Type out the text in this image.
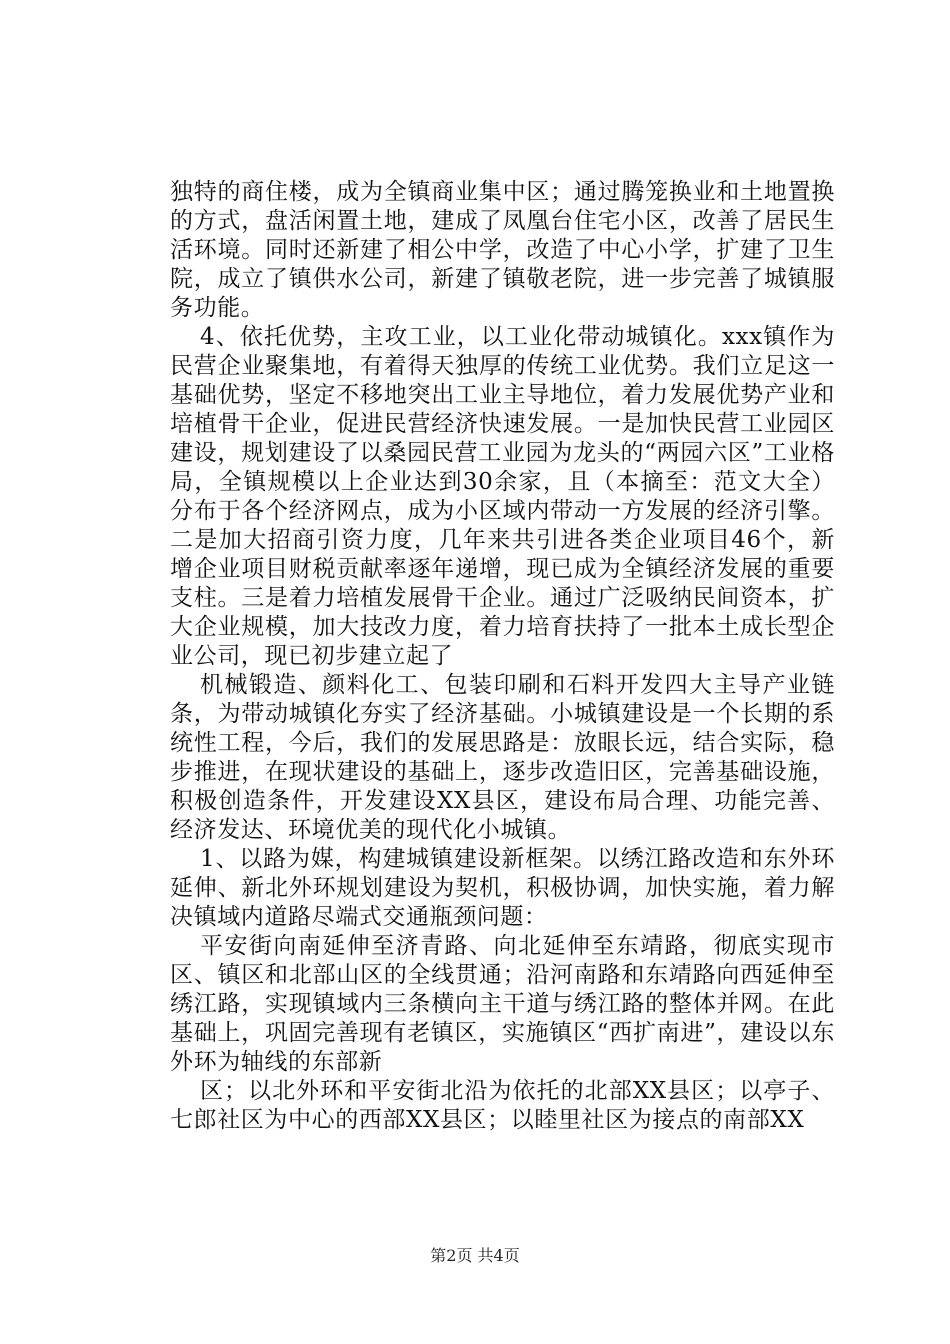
独特的商住楼，成为全镇商业集中区；通过腾笼换业和土地置换的方式，盘活闲置土地，建成了凤凰台住宅小区，改善了居民生活环境。同时还新建了相公中学，改造了中心小学，扩建了卫生院，成立了镇供水公司，新建了镇敬老院，进一步完善了城镇服务功能。

4、依托优势，主攻工业，以工业化带动城镇化。xxx镇作为民营企业聚集地，有着得天独厚的传统工业优势。我们立足这一基础优势，坚定不移地突出工业主导地位，着力发展优势产业和培植骨干企业，促进民营经济快速发展。一是加快民营工业园区建设，规划建设了以桑园民营工业园为龙头的“两园六区”工业格局，全镇规模以上企业达到30余家，且（本摘至：范文大全）分布于各个经济网点，成为小区域内带动一方发展的经济引擎。二是加大招商引资力度，几年来共引进各类企业项目46个，新增企业项目财税贡献率逐年递增，现已成为全镇经济发展的重要支柱。三是着力培植发展骨干企业。通过广泛吸纳民间资本，扩大企业规模，加大技改力度，着力培育扶持了一批本土成长型企业公司，现已初步建立起了

机械锻造、颜料化工、包装印刷和石料开发四大主导产业链条，为带动城镇化夯实了经济基础。小城镇建设是一个长期的系统性工程，今后，我们的发展思路是：放眼长远，结合实际，稳步推进，在现状建设的基础上，逐步改造旧区，完善基础设施，积极创造条件，开发建设XX县区，建设布局合理、功能完善、经济发达、环境优美的现代化小城镇。

1、以路为媒，构建城镇建设新框架。以绣江路改造和东外环延伸、新北外环规划建设为契机，积极协调，加快实施，着力解决镇域内道路尽端式交通瓶颈问题：

平安街向南延伸至济青路、向北延伸至东靖路，彻底实现市区、镇区和北部山区的全线贯通；沿河南路和东靖路向西延伸至绣江路，实现镇域内三条横向主干道与绣江路的整体并网。在此基础上，巩固完善现有老镇区，实施镇区“西扩南进”，建设以东外环为轴线的东部新

区；以北外环和平安街北沿为依托的北部XX县区；以亭子、七郎社区为中心的西部XX县区；以睦里社区为接点的南部XX

第2页 共4页
